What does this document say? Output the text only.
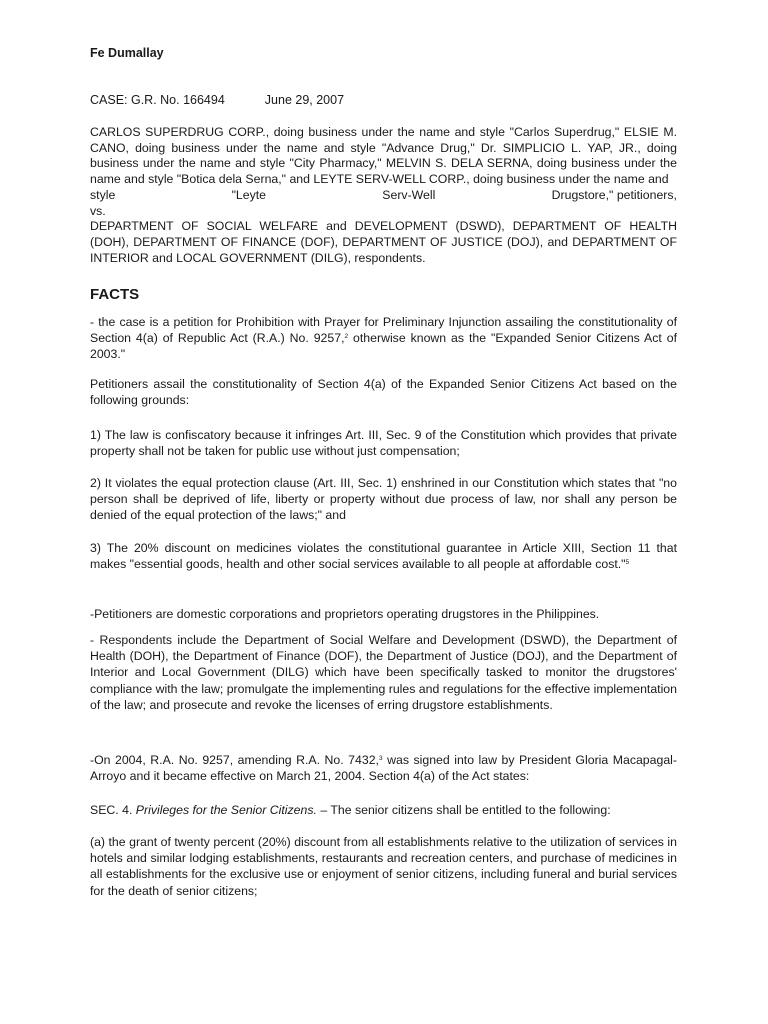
Fe Dumallay
CASE: G.R. No. 166494	June 29, 2007

CARLOS SUPERDRUG CORP., doing business under the name and style "Carlos Superdrug," ELSIE M. CANO, doing business under the name and style "Advance Drug," Dr. SIMPLICIO L. YAP, JR., doing business under the name and style "City Pharmacy," MELVIN S. DELA SERNA, doing business under the name and style "Botica dela Serna," and LEYTE SERV-WELL CORP., doing business under the name and

style	"Leyte	Serv-Well	Drugstore," petitioners,

vs.

DEPARTMENT OF SOCIAL WELFARE and DEVELOPMENT (DSWD), DEPARTMENT OF HEALTH (DOH), DEPARTMENT OF FINANCE (DOF), DEPARTMENT OF JUSTICE (DOJ), and DEPARTMENT OF INTERIOR and LOCAL GOVERNMENT (DILG), respondents.

FACTS

- the case is a petition for Prohibition with Prayer for Preliminary Injunction assailing the constitutionality of Section 4(a) of Republic Act (R.A.) No. 9257,$^2$ otherwise known as the "Expanded Senior Citizens Act of 2003."

Petitioners assail the constitutionality of Section 4(a) of the Expanded Senior Citizens Act based on the following grounds:

1) The law is confiscatory because it infringes Art. III, Sec. 9 of the Constitution which provides that private property shall not be taken for public use without just compensation;

2) It violates the equal protection clause (Art. III, Sec. 1) enshrined in our Constitution which states that "no person shall be deprived of life, liberty or property without due process of law, nor shall any person be denied of the equal protection of the laws;" and

3) The 20% discount on medicines violates the constitutional guarantee in Article XIII, Section 11 that makes "essential goods, health and other social services available to all people at affordable cost."$^5$

-Petitioners are domestic corporations and proprietors operating drugstores in the Philippines.

- Respondents include the Department of Social Welfare and Development (DSWD), the Department of Health (DOH), the Department of Finance (DOF), the Department of Justice (DOJ), and the Department of Interior and Local Government (DILG) which have been specifically tasked to monitor the drugstores' compliance with the law; promulgate the implementing rules and regulations for the effective implementation of the law; and prosecute and revoke the licenses of erring drugstore establishments.

-On 2004, R.A. No. 9257, amending R.A. No. 7432,$^3$ was signed into law by President Gloria Macapagal-Arroyo and it became effective on March 21, 2004. Section 4(a) of the Act states:

SEC. 4. Privileges for the Senior Citizens. – The senior citizens shall be entitled to the following:

(a) the grant of twenty percent (20%) discount from all establishments relative to the utilization of services in hotels and similar lodging establishments, restaurants and recreation centers, and purchase of medicines in all establishments for the exclusive use or enjoyment of senior citizens, including funeral and burial services for the death of senior citizens;
